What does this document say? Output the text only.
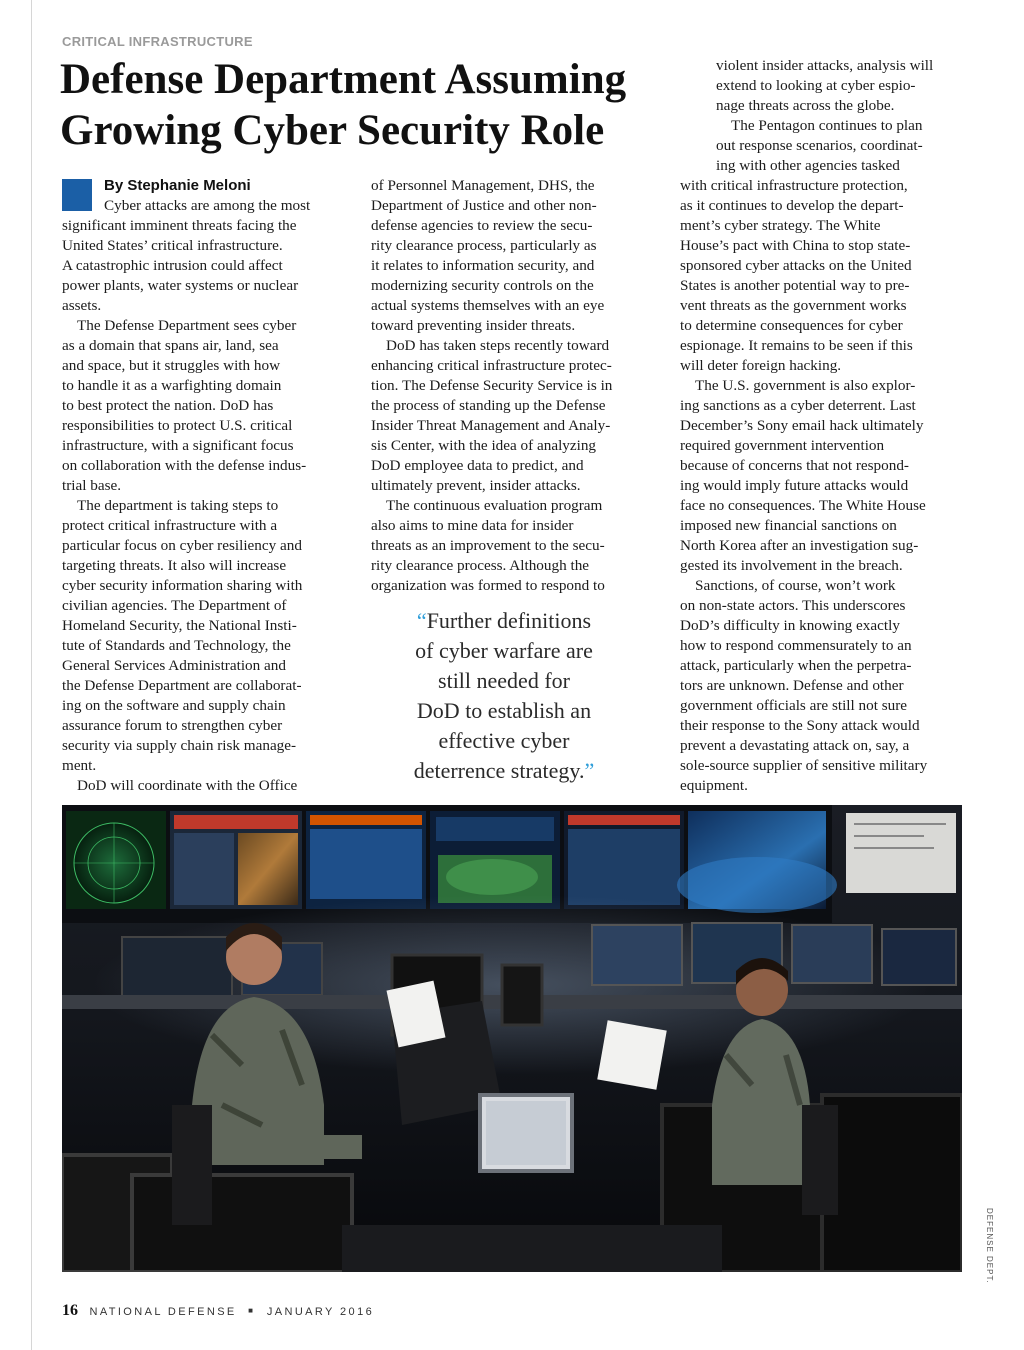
CRITICAL INFRASTRUCTURE
Defense Department Assuming
Growing Cyber Security Role
By Stephanie Meloni

Cyber attacks are among the most

significant imminent threats facing the

United States’ critical infrastructure.

A catastrophic intrusion could affect

power plants, water systems or nuclear

assets.

The Defense Department sees cyber

as a domain that spans air, land, sea

and space, but it struggles with how

to handle it as a warfighting domain

to best protect the nation. DoD has

responsibilities to protect U.S. critical

infrastructure, with a significant focus

on collaboration with the defense indus-

trial base.

The department is taking steps to

protect critical infrastructure with a

particular focus on cyber resiliency and

targeting threats. It also will increase

cyber security information sharing with

civilian agencies. The Department of

Homeland Security, the National Insti-

tute of Standards and Technology, the

General Services Administration and

the Defense Department are collaborat-

ing on the software and supply chain

assurance forum to strengthen cyber

security via supply chain risk manage-

ment.

DoD will coordinate with the Office

of Personnel Management, DHS, the

Department of Justice and other non-

defense agencies to review the secu-

rity clearance process, particularly as

it relates to information security, and

modernizing security controls on the

actual systems themselves with an eye

toward preventing insider threats.

DoD has taken steps recently toward

enhancing critical infrastructure protec-

tion. The Defense Security Service is in

the process of standing up the Defense

Insider Threat Management and Analy-

sis Center, with the idea of analyzing

DoD employee data to predict, and

ultimately prevent, insider attacks.

The continuous evaluation program

also aims to mine data for insider

threats as an improvement to the secu-

rity clearance process. Although the

organization was formed to respond to

“Further definitions
of cyber warfare are
still needed for
DoD to establish an
effective cyber
deterrence strategy.”

violent insider attacks, analysis will

extend to looking at cyber espio-

nage threats across the globe.

The Pentagon continues to plan

out response scenarios, coordinat-

ing with other agencies tasked

with critical infrastructure protection,

as it continues to develop the depart-

ment’s cyber strategy. The White

House’s pact with China to stop state-

sponsored cyber attacks on the United

States is another potential way to pre-

vent threats as the government works

to determine consequences for cyber

espionage. It remains to be seen if this

will deter foreign hacking.

The U.S. government is also explor-

ing sanctions as a cyber deterrent. Last

December’s Sony email hack ultimately

required government intervention

because of concerns that not respond-

ing would imply future attacks would

face no consequences. The White House

imposed new financial sanctions on

North Korea after an investigation sug-

gested its involvement in the breach.

Sanctions, of course, won’t work

on non-state actors. This underscores

DoD’s difficulty in knowing exactly

how to respond commensurately to an

attack, particularly when the perpetra-

tors are unknown. Defense and other

government officials are still not sure

their response to the Sony attack would

prevent a devastating attack on, say, a

sole-source supplier of sensitive military

equipment.

DEFENSE DEPT.
16 NATIONAL DEFENSE ■ JANUARY 2016
